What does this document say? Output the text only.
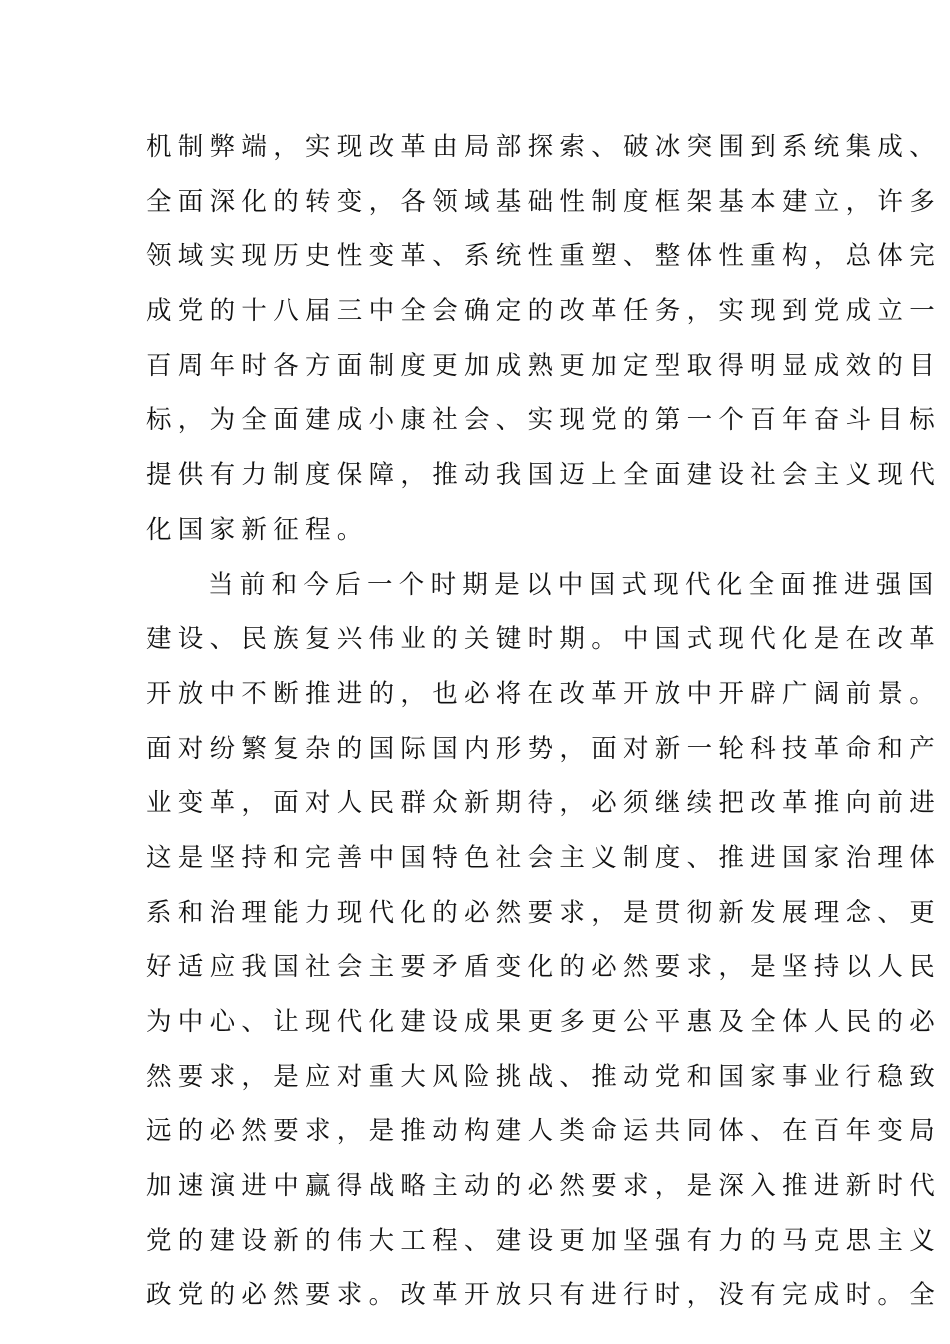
机制弊端，实现改革由局部探索、破冰突围到系统集成、
全面深化的转变，各领域基础性制度框架基本建立，许多
领域实现历史性变革、系统性重塑、整体性重构，总体完
成党的十八届三中全会确定的改革任务，实现到党成立一
百周年时各方面制度更加成熟更加定型取得明显成效的目
标，为全面建成小康社会、实现党的第一个百年奋斗目标
提供有力制度保障，推动我国迈上全面建设社会主义现代
化国家新征程。
当前和今后一个时期是以中国式现代化全面推进强国
建设、民族复兴伟业的关键时期。中国式现代化是在改革
开放中不断推进的，也必将在改革开放中开辟广阔前景。
面对纷繁复杂的国际国内形势，面对新一轮科技革命和产
业变革，面对人民群众新期待，必须继续把改革推向前进
这是坚持和完善中国特色社会主义制度、推进国家治理体
系和治理能力现代化的必然要求，是贯彻新发展理念、更
好适应我国社会主要矛盾变化的必然要求，是坚持以人民
为中心、让现代化建设成果更多更公平惠及全体人民的必
然要求，是应对重大风险挑战、推动党和国家事业行稳致
远的必然要求，是推动构建人类命运共同体、在百年变局
加速演进中赢得战略主动的必然要求，是深入推进新时代
党的建设新的伟大工程、建设更加坚强有力的马克思主义
政党的必然要求。改革开放只有进行时，没有完成时。全
